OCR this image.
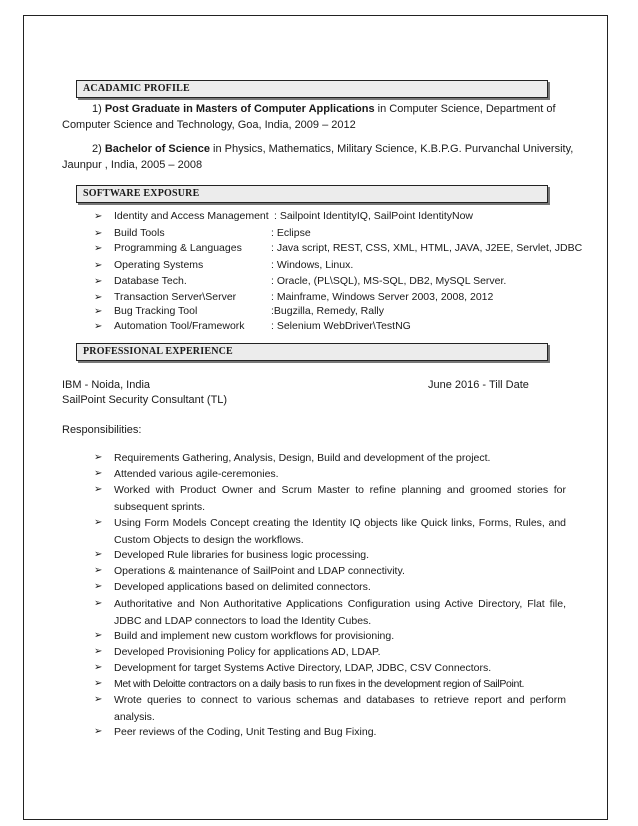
ACADAMIC PROFILE
1) Post Graduate in Masters of Computer Applications in Computer Science, Department of
Computer Science and Technology, Goa, India, 2009 – 2012
2) Bachelor of Science in Physics, Mathematics, Military Science, K.B.P.G. Purvanchal University,
Jaunpur , India, 2005 – 2008
SOFTWARE EXPOSURE
➢ Identity and Access Management : Sailpoint IdentityIQ, SailPoint IdentityNow
➢ Build Tools	: Eclipse
➢ Programming & Languages	: Java script, REST, CSS, XML, HTML, JAVA, J2EE, Servlet, JDBC
➢ Operating Systems	: Windows, Linux.
➢ Database Tech.	: Oracle, (PL\SQL), MS-SQL, DB2, MySQL Server.
➢ Transaction Server\Server	: Mainframe, Windows Server 2003, 2008, 2012
➢ Bug Tracking Tool	:Bugzilla, Remedy, Rally
➢ Automation Tool/Framework	: Selenium WebDriver\TestNG
PROFESSIONAL EXPERIENCE
IBM - Noida, India	June 2016 - Till Date
SailPoint Security Consultant (TL)
Responsibilities:
➢ Requirements Gathering, Analysis, Design, Build and development of the project.
➢ Attended various agile-ceremonies.
➢ Worked with Product Owner and Scrum Master to refine planning and groomed stories for subsequent sprints.
➢ Using Form Models Concept creating the Identity IQ objects like Quick links, Forms, Rules, and Custom Objects to design the workflows.
➢ Developed Rule libraries for business logic processing.
➢ Operations & maintenance of SailPoint and LDAP connectivity.
➢ Developed applications based on delimited connectors.
➢ Authoritative and Non Authoritative Applications Configuration using Active Directory, Flat file, JDBC and LDAP connectors to load the Identity Cubes.
➢ Build and implement new custom workflows for provisioning.
➢ Developed Provisioning Policy for applications AD, LDAP.
➢ Development for target Systems Active Directory, LDAP, JDBC, CSV Connectors.
➢ Met with Deloitte contractors on a daily basis to run fixes in the development region of SailPoint.
➢ Wrote queries to connect to various schemas and databases to retrieve report and perform analysis.
➢ Peer reviews of the Coding, Unit Testing and Bug Fixing.
